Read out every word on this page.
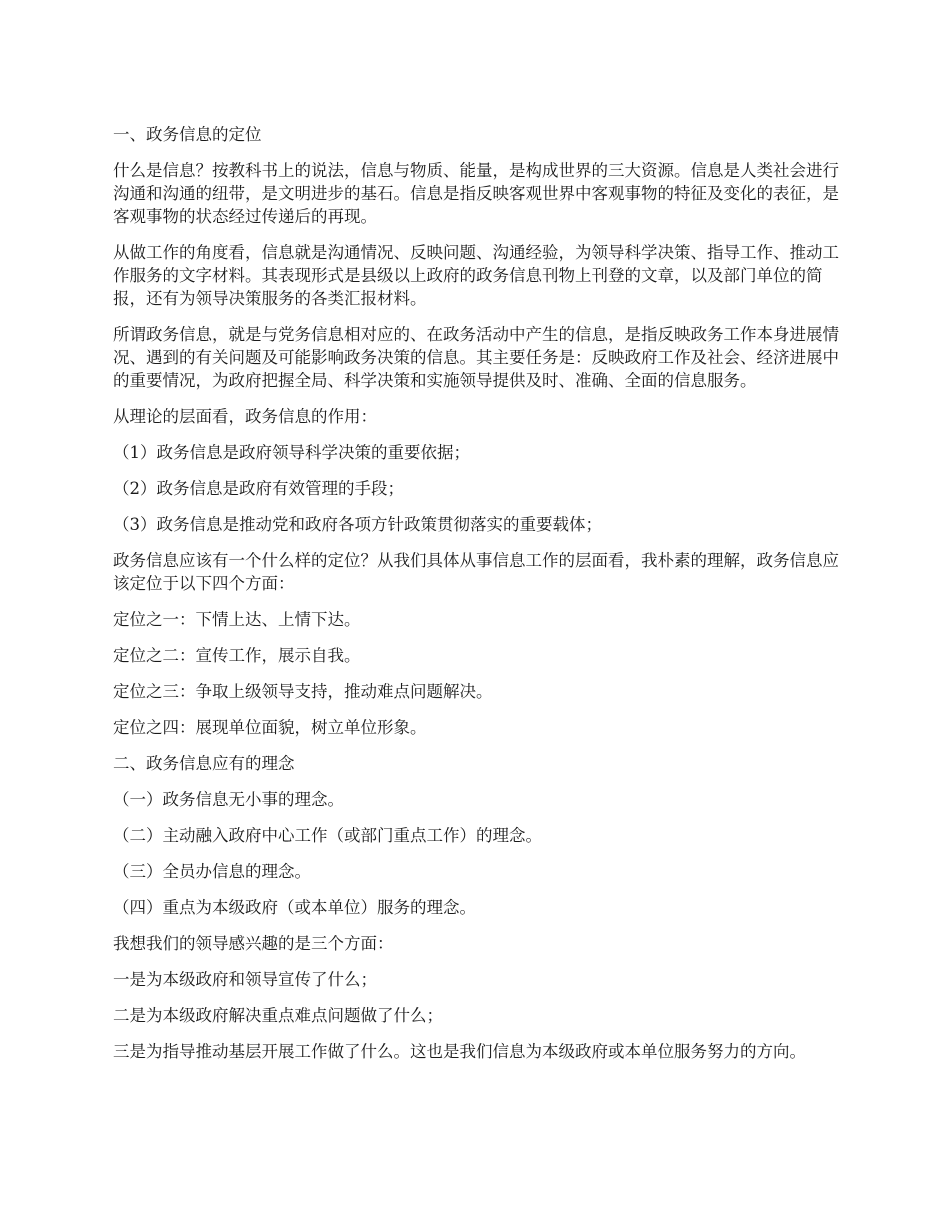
一、政务信息的定位

什么是信息？按教科书上的说法，信息与物质、能量，是构成世界的三大资源。信息是人类社会进行沟通和沟通的纽带，是文明进步的基石。信息是指反映客观世界中客观事物的特征及变化的表征，是客观事物的状态经过传递后的再现。

从做工作的角度看，信息就是沟通情况、反映问题、沟通经验，为领导科学决策、指导工作、推动工作服务的文字材料。其表现形式是县级以上政府的政务信息刊物上刊登的文章，以及部门单位的简报，还有为领导决策服务的各类汇报材料。

所谓政务信息，就是与党务信息相对应的、在政务活动中产生的信息，是指反映政务工作本身进展情况、遇到的有关问题及可能影响政务决策的信息。其主要任务是：反映政府工作及社会、经济进展中的重要情况，为政府把握全局、科学决策和实施领导提供及时、准确、全面的信息服务。

从理论的层面看，政务信息的作用：

（1）政务信息是政府领导科学决策的重要依据；

（2）政务信息是政府有效管理的手段；

（3）政务信息是推动党和政府各项方针政策贯彻落实的重要载体；

政务信息应该有一个什么样的定位？从我们具体从事信息工作的层面看，我朴素的理解，政务信息应该定位于以下四个方面：

定位之一：下情上达、上情下达。

定位之二：宣传工作，展示自我。

定位之三：争取上级领导支持，推动难点问题解决。

定位之四：展现单位面貌，树立单位形象。

二、政务信息应有的理念

（一）政务信息无小事的理念。

（二）主动融入政府中心工作（或部门重点工作）的理念。

（三）全员办信息的理念。

（四）重点为本级政府（或本单位）服务的理念。

我想我们的领导感兴趣的是三个方面：

一是为本级政府和领导宣传了什么；

二是为本级政府解决重点难点问题做了什么；

三是为指导推动基层开展工作做了什么。这也是我们信息为本级政府或本单位服务努力的方向。
